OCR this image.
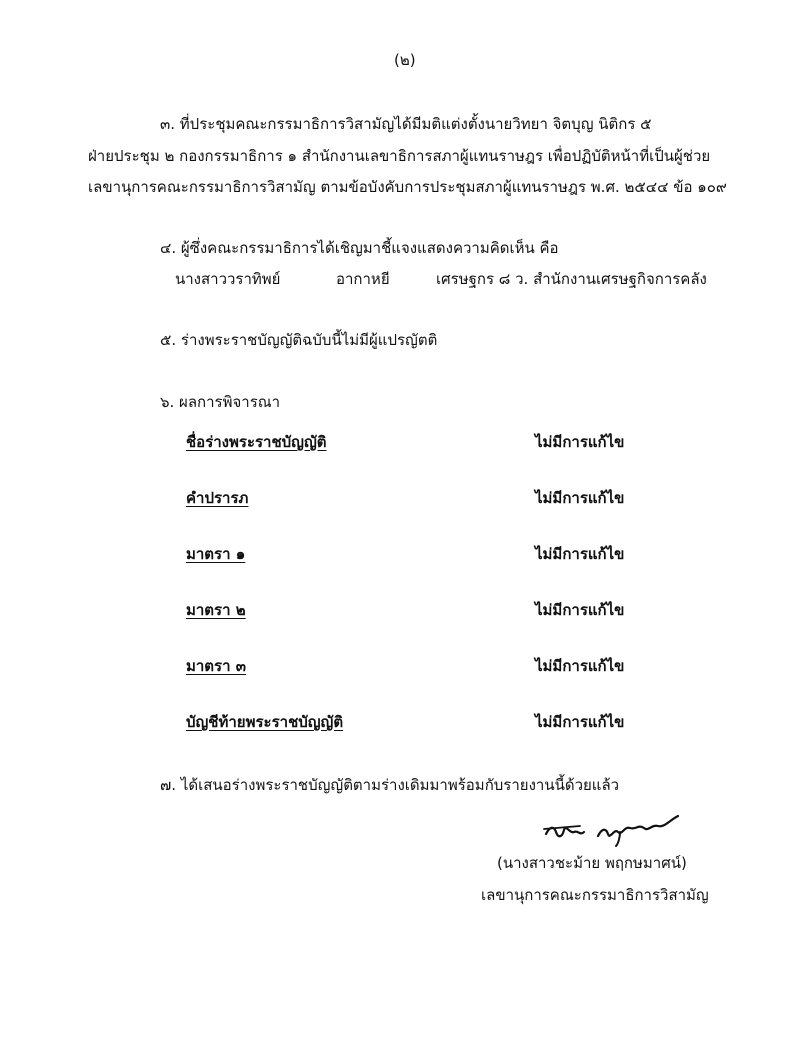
(๒)
๓. ที่ประชุมคณะกรรมาธิการวิสามัญได้มีมติแต่งตั้งนายวิทยา จิตบุญ นิติกร ๕
ฝ่ายประชุม ๒ กองกรรมาธิการ ๑ สำนักงานเลขาธิการสภาผู้แทนราษฎร เพื่อปฏิบัติหน้าที่เป็นผู้ช่วย
เลขานุการคณะกรรมาธิการวิสามัญ ตามข้อบังคับการประชุมสภาผู้แทนราษฎร พ.ศ. ๒๕๔๔ ข้อ ๑๐๙
๔. ผู้ซึ่งคณะกรรมาธิการได้เชิญมาชี้แจงแสดงความคิดเห็น คือ
นางสาววราทิพย์	อากาหยี	เศรษฐกร ๘ ว. สำนักงานเศรษฐกิจการคลัง
๕. ร่างพระราชบัญญัติฉบับนี้ไม่มีผู้แปรญัตติ
๖. ผลการพิจารณา
ชื่อร่างพระราชบัญญัติ	ไม่มีการแก้ไข
คำปรารภ	ไม่มีการแก้ไข
มาตรา ๑	ไม่มีการแก้ไข
มาตรา ๒	ไม่มีการแก้ไข
มาตรา ๓	ไม่มีการแก้ไข
บัญชีท้ายพระราชบัญญัติ	ไม่มีการแก้ไข
๗. ได้เสนอร่างพระราชบัญญัติตามร่างเดิมมาพร้อมกับรายงานนี้ด้วยแล้ว
(นางสาวชะม้าย พฤกษมาศน์)
เลขานุการคณะกรรมาธิการวิสามัญ
